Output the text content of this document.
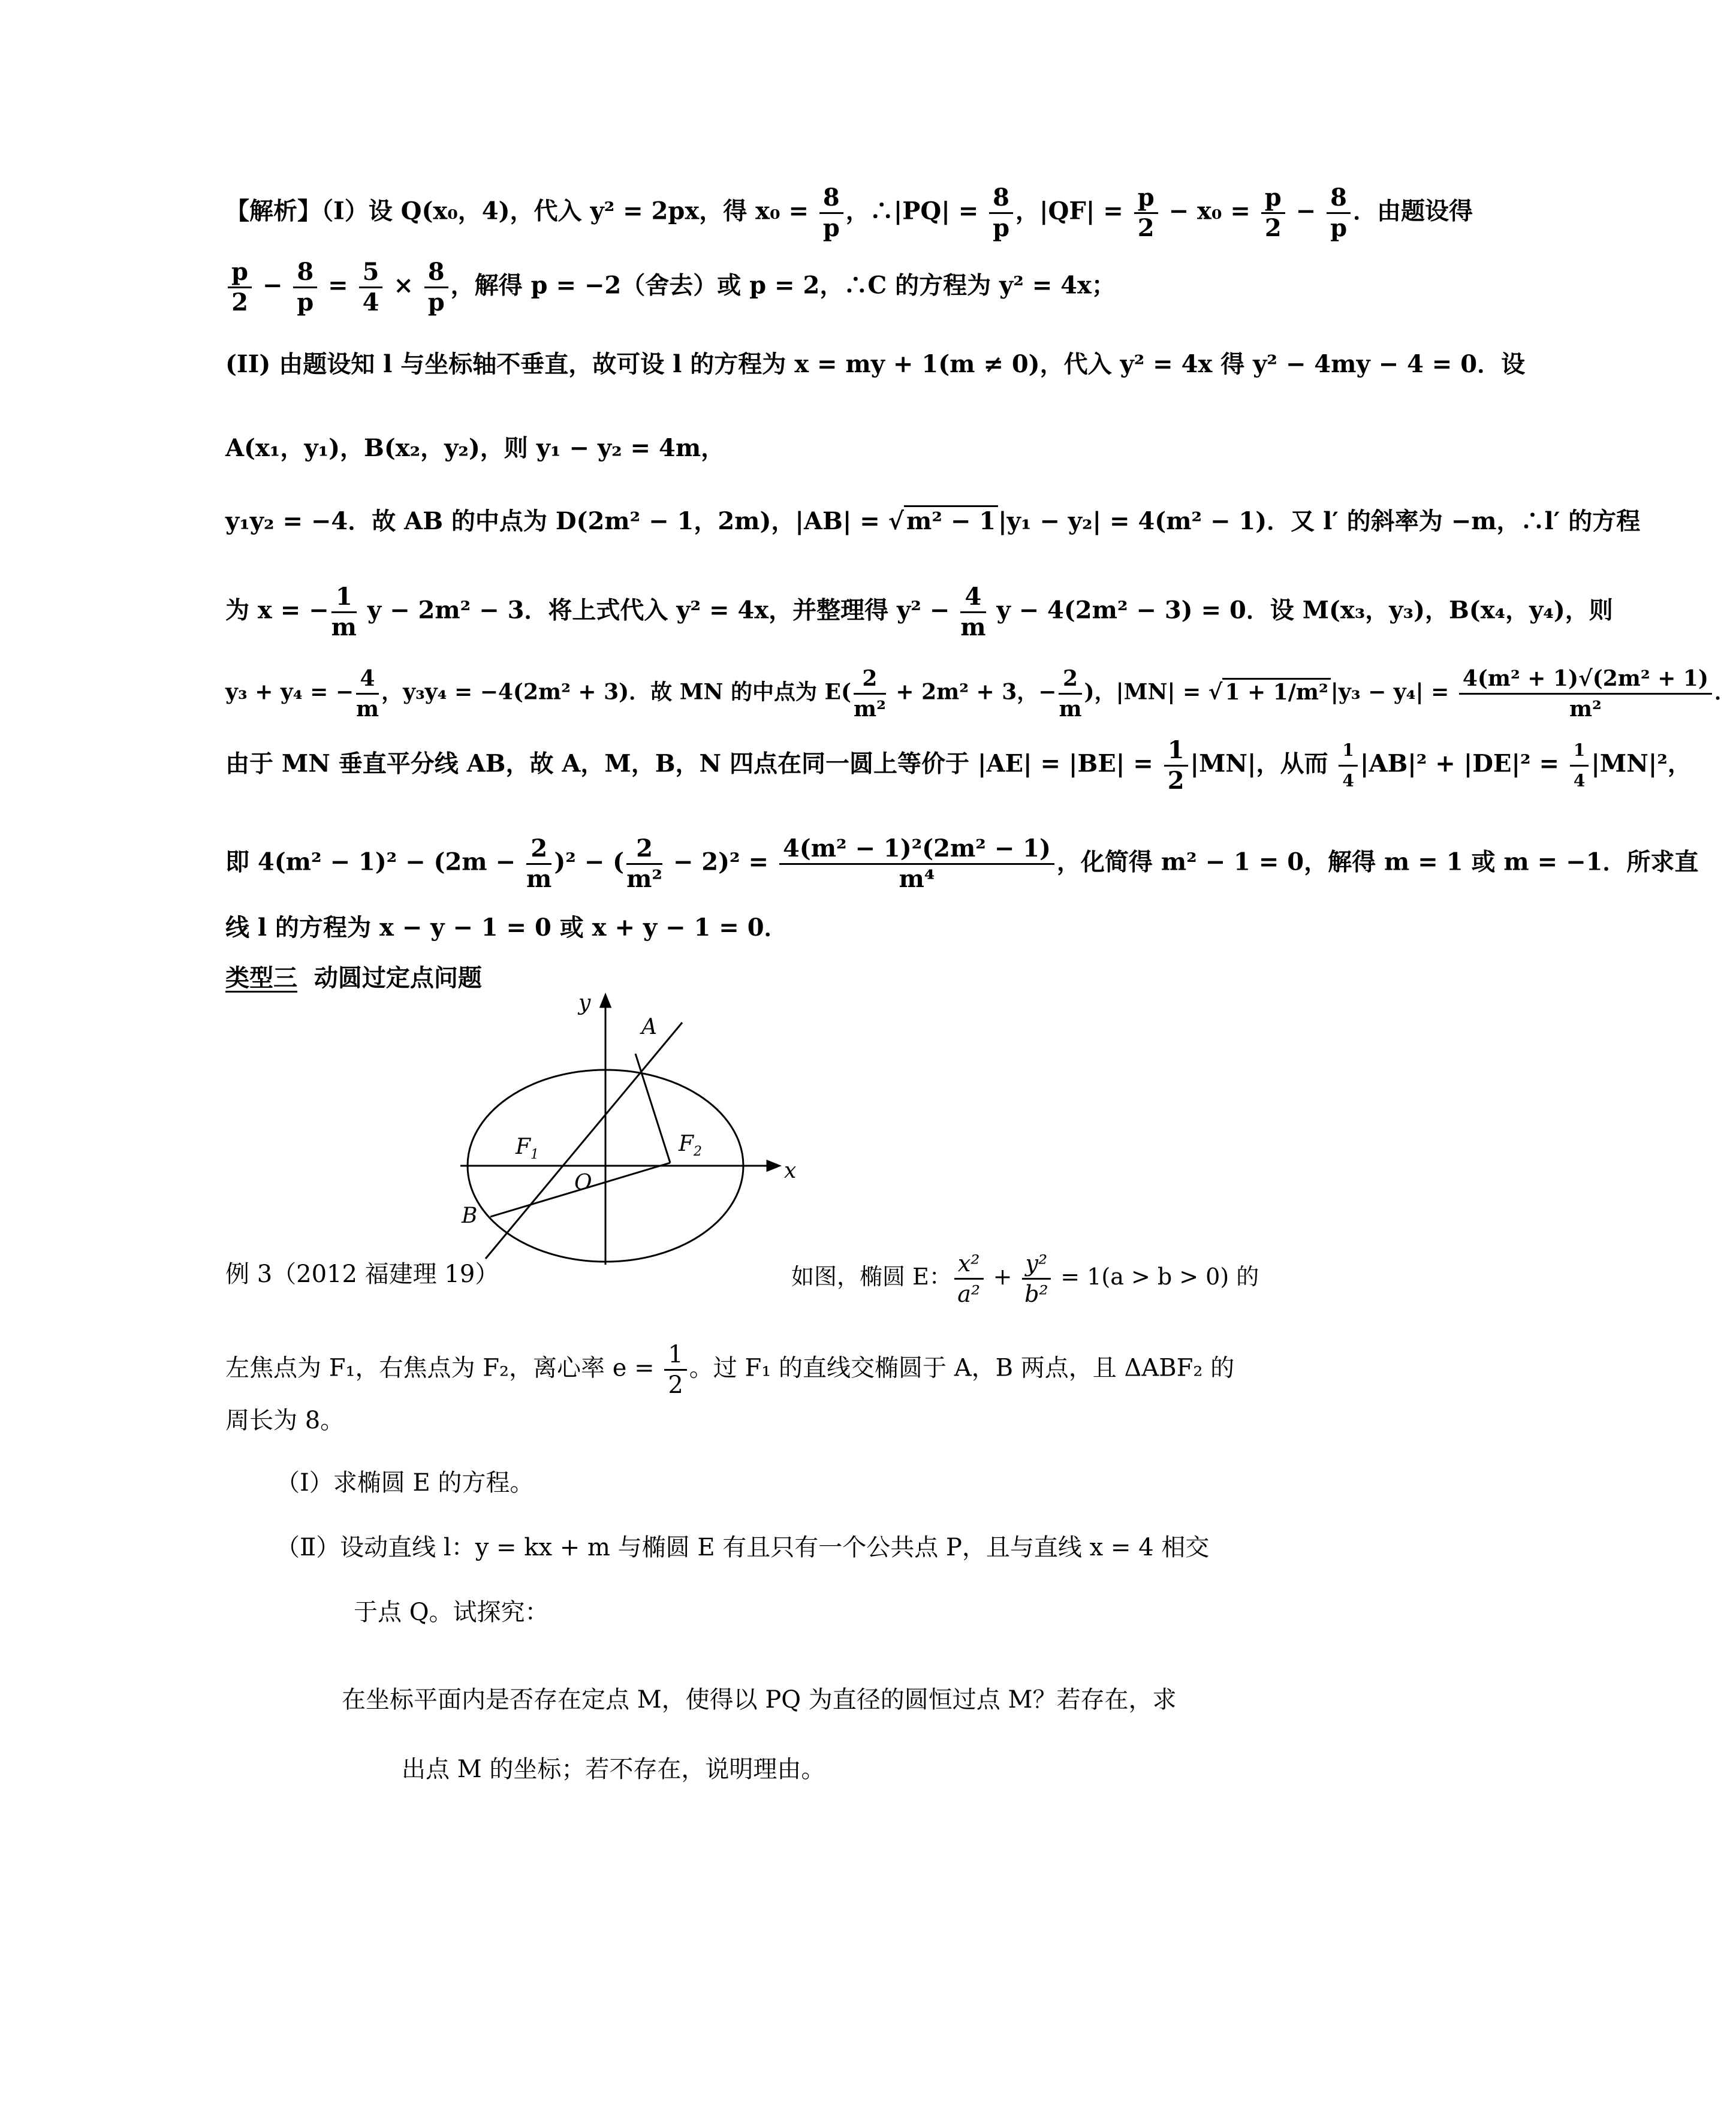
【解析】（I）设 Q(x₀，4)，代入 y² = 2px，得 $x_0 = \frac{8}{p}$ ，∴|PQ| = $\frac{8}{p}$ ，$|QF| = \frac{p}{2} - x_0 = \frac{p}{2} - \frac{8}{p}$ ．由题设得
$\frac{p}{2} - \frac{8}{p} = \frac{5}{4} \times \frac{8}{p}$ ，解得 p = −2（舍去）或 p = 2，∴C 的方程为 y² = 4x；
(II) 由题设知 l 与坐标轴不垂直，故可设 l 的方程为 x = my + 1(m ≠ 0)，代入 y² = 4x 得 y² − 4my − 4 = 0．设
A(x₁，y₁)，B(x₂，y₂)，则 y₁ − y₂ = 4m，
y₁y₂ = −4．故 AB 的中点为 D(2m² − 1，2m)，|AB| = √ m² − 1 |y₁ − y₂| = 4(m² − 1)．又 l′ 的斜率为 −m，∴l′ 的方程
为 x = − $\frac{1}{m}$ y − 2m² − 3．将上式代入 y² = 4x，并整理得 $y^2 - \frac{4}{m}$ y − 4(2m² − 3) = 0．设 M(x₃，y₃)，B(x₄，y₄)，则
y₃ + y₄ = − $\frac{4}{m}$ ，y₃y₄ = −4(2m² + 3)．故 MN 的中点为 $E( \frac{2}{\text{m²}} + 2m^2 + 3$，− $\frac{2}{m}$ )，|MN| = √ 1 + 1/m² $|y_3 - y_4| = \frac{\text{4(m² + 1)√(2m² + 1)}}{\text{m²}}$ ．
由于 MN 垂直平分线 AB，故 A，M，B，N 四点在同一圆上等价于 $|AE| = |BE| = \frac{1}{2} |MN|$，从而 $\frac{1}{4} |AB|^2 + |DE|^2 = \frac{1}{4} |MN|^2$，
即 $4(m^2 - 1)^2 - (2m - \frac{2}{m} )^2$ − ( $\frac{2}{\text{m²}} - 2)^2 = \frac{\text{4(m² − 1)²(2m² − 1)}}{\text{m⁴}}$ ，化简得 m² − 1 = 0，解得 m = 1 或 m = −1．所求直
线 l 的方程为 x − y − 1 = 0 或 x + y − 1 = 0．
类型三 动圆过定点问题
y
A
$F_1$	$F_2$
O	x
B
例 3（2012 福建理 19）	如图，椭圆 E： $\frac{\text{x²}}{\text{a²}} + \frac{\text{y²}}{\text{b²}} = 1(a > b > 0)$ 的
左焦点为 F₁，右焦点为 F₂，离心率 $e = \frac{1}{2}$ 。过 F₁ 的直线交椭圆于 A，B 两点，且 ΔABF₂ 的
周长为 8。
（Ⅰ）求椭圆 E 的方程。
（Ⅱ）设动直线 l：y = kx + m 与椭圆 E 有且只有一个公共点 P，且与直线 x = 4 相交
于点 Q。试探究：
在坐标平面内是否存在定点 M，使得以 PQ 为直径的圆恒过点 M？若存在，求
出点 M 的坐标；若不存在，说明理由。
